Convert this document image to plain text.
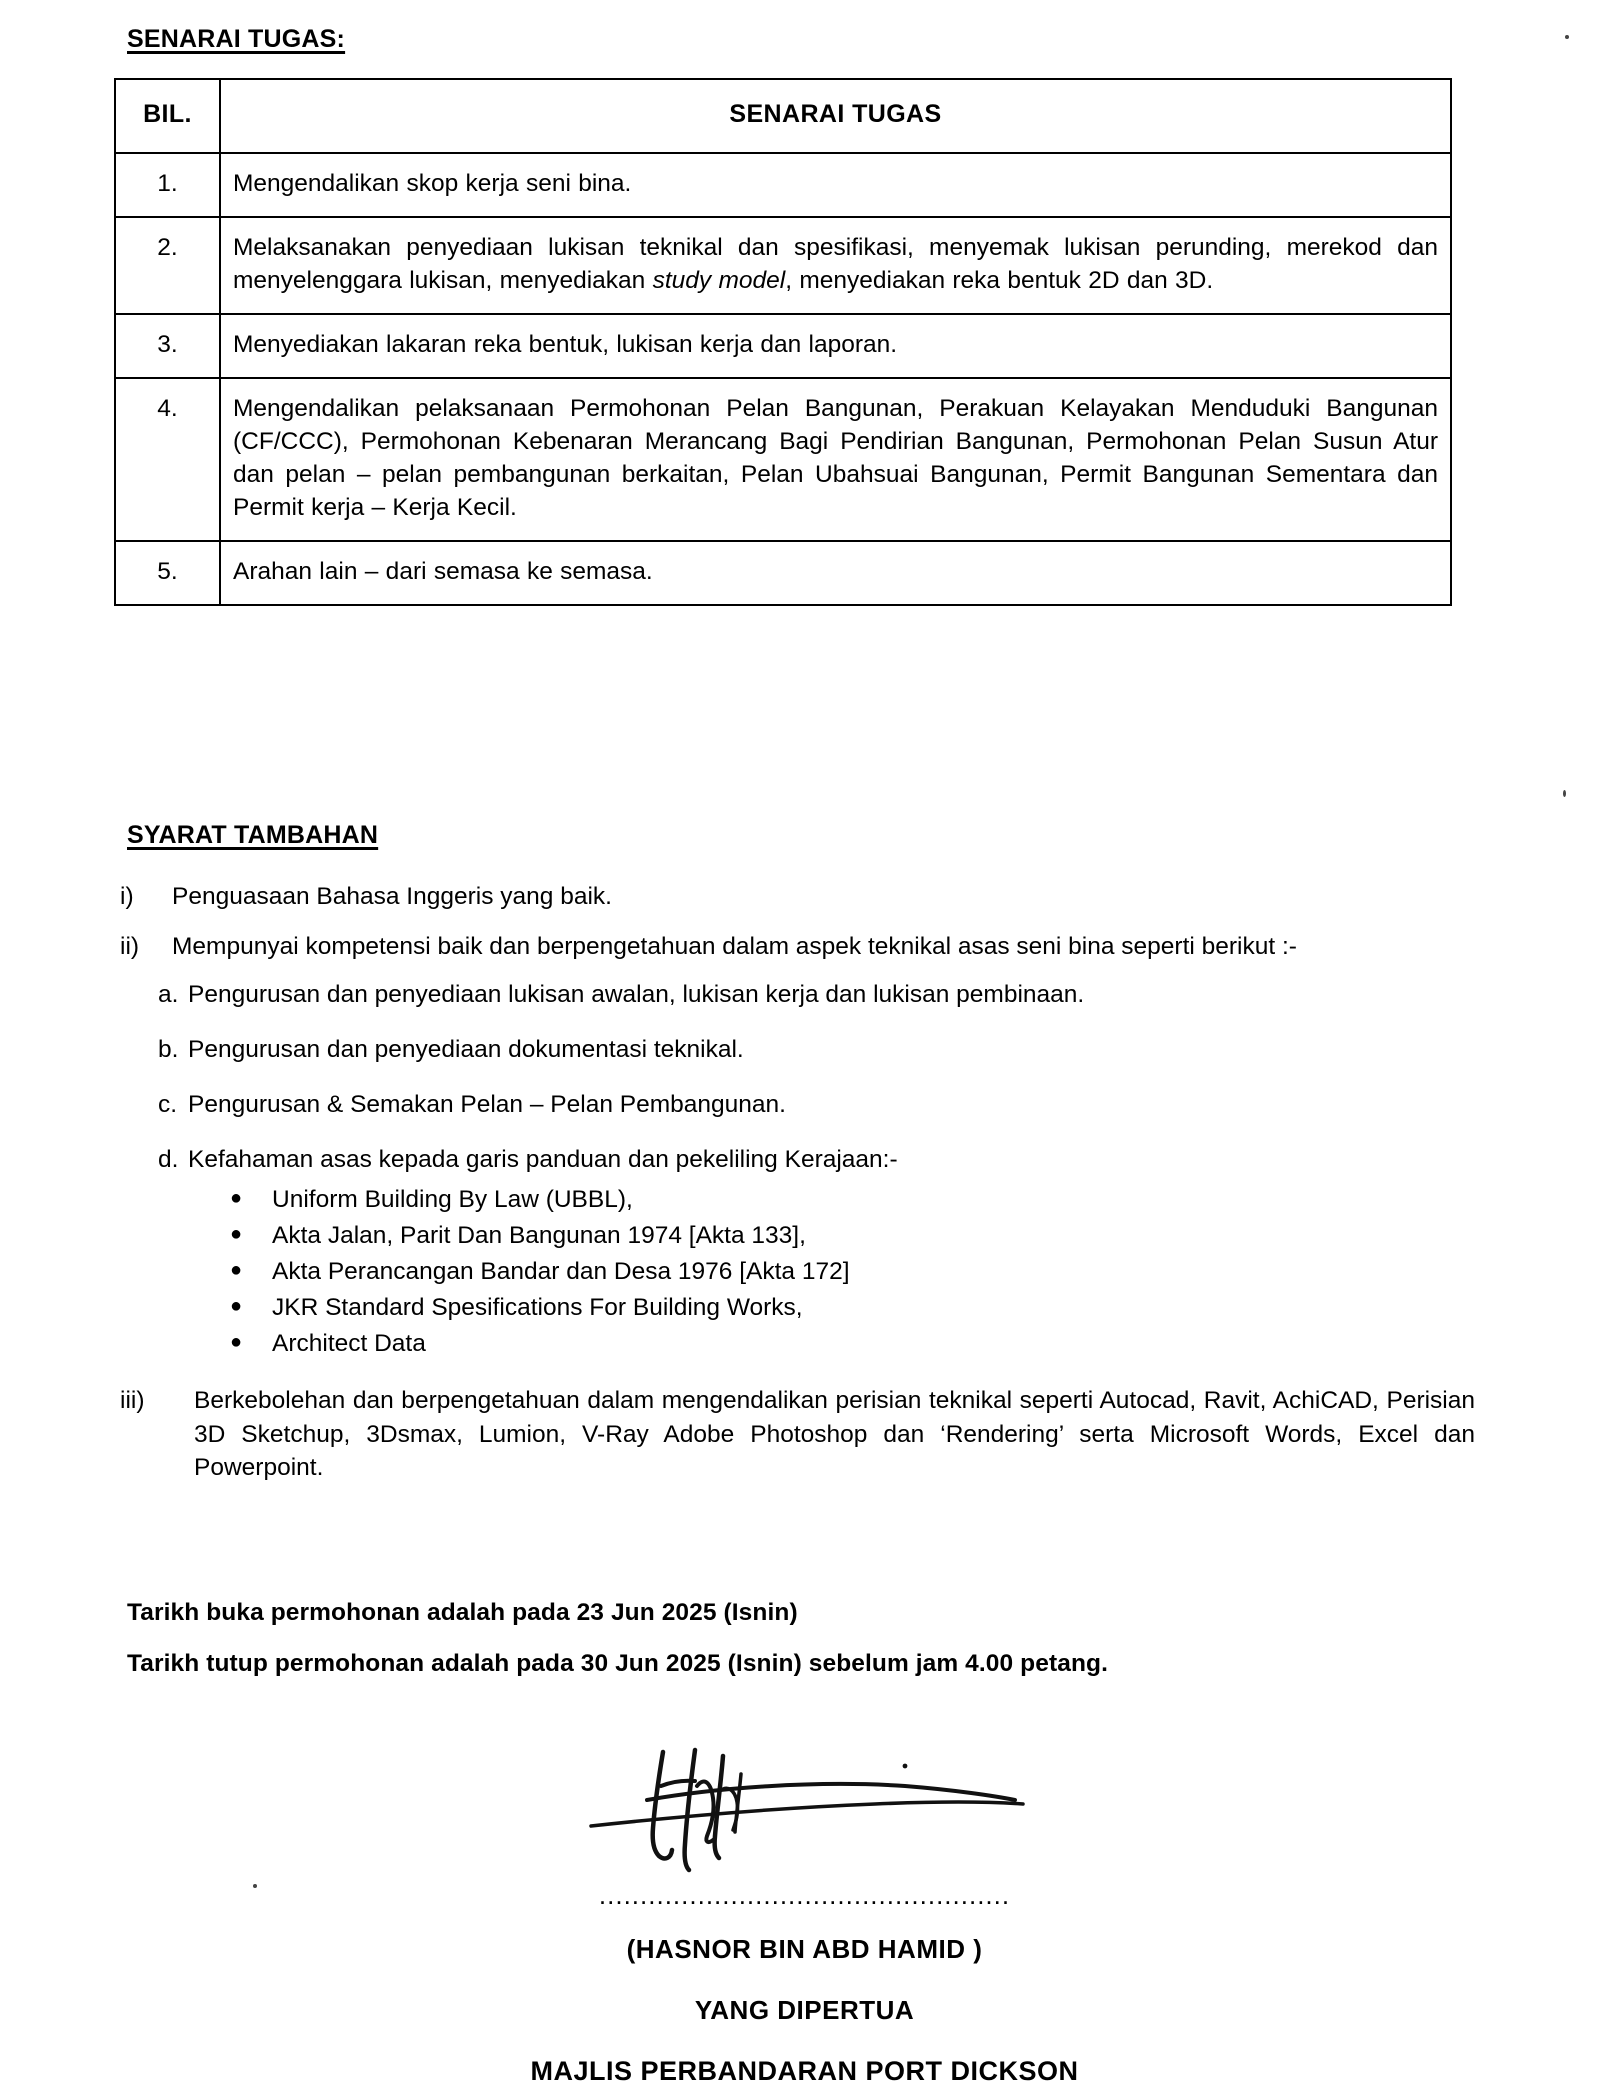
SENARAI TUGAS:
BIL.	SENARAI TUGAS
1.	Mengendalikan skop kerja seni bina.
2.	Melaksanakan penyediaan lukisan teknikal dan spesifikasi, menyemak lukisan perunding, merekod dan menyelenggara lukisan, menyediakan study model, menyediakan reka bentuk 2D dan 3D.
3.	Menyediakan lakaran reka bentuk, lukisan kerja dan laporan.
4.	Mengendalikan pelaksanaan Permohonan Pelan Bangunan, Perakuan Kelayakan Menduduki Bangunan (CF/CCC), Permohonan Kebenaran Merancang Bagi Pendirian Bangunan, Permohonan Pelan Susun Atur dan pelan – pelan pembangunan berkaitan, Pelan Ubahsuai Bangunan, Permit Bangunan Sementara dan Permit kerja – Kerja Kecil.
5.	Arahan lain – dari semasa ke semasa.
SYARAT TAMBAHAN
i)	Penguasaan Bahasa Inggeris yang baik.
ii)	Mempunyai kompetensi baik dan berpengetahuan dalam aspek teknikal asas seni bina seperti berikut :-
a. Pengurusan dan penyediaan lukisan awalan, lukisan kerja dan lukisan pembinaan.
b. Pengurusan dan penyediaan dokumentasi teknikal.
c. Pengurusan & Semakan Pelan – Pelan Pembangunan.
d. Kefahaman asas kepada garis panduan dan pekeliling Kerajaan:-
●	Uniform Building By Law (UBBL),
●	Akta Jalan, Parit Dan Bangunan 1974 [Akta 133],
●	Akta Perancangan Bandar dan Desa 1976 [Akta 172]
●	JKR Standard Spesifications For Building Works,
●	Architect Data
iii)	Berkebolehan dan berpengetahuan dalam mengendalikan perisian teknikal seperti Autocad, Ravit, AchiCAD, Perisian 3D Sketchup, 3Dsmax, Lumion, V-Ray Adobe Photoshop dan ‘Rendering’ serta Microsoft Words, Excel dan Powerpoint.
Tarikh buka permohonan adalah pada 23 Jun 2025 (Isnin)
Tarikh tutup permohonan adalah pada 30 Jun 2025 (Isnin) sebelum jam 4.00 petang.
..................................................
(HASNOR BIN ABD HAMID )
YANG DIPERTUA
MAJLIS PERBANDARAN PORT DICKSON
